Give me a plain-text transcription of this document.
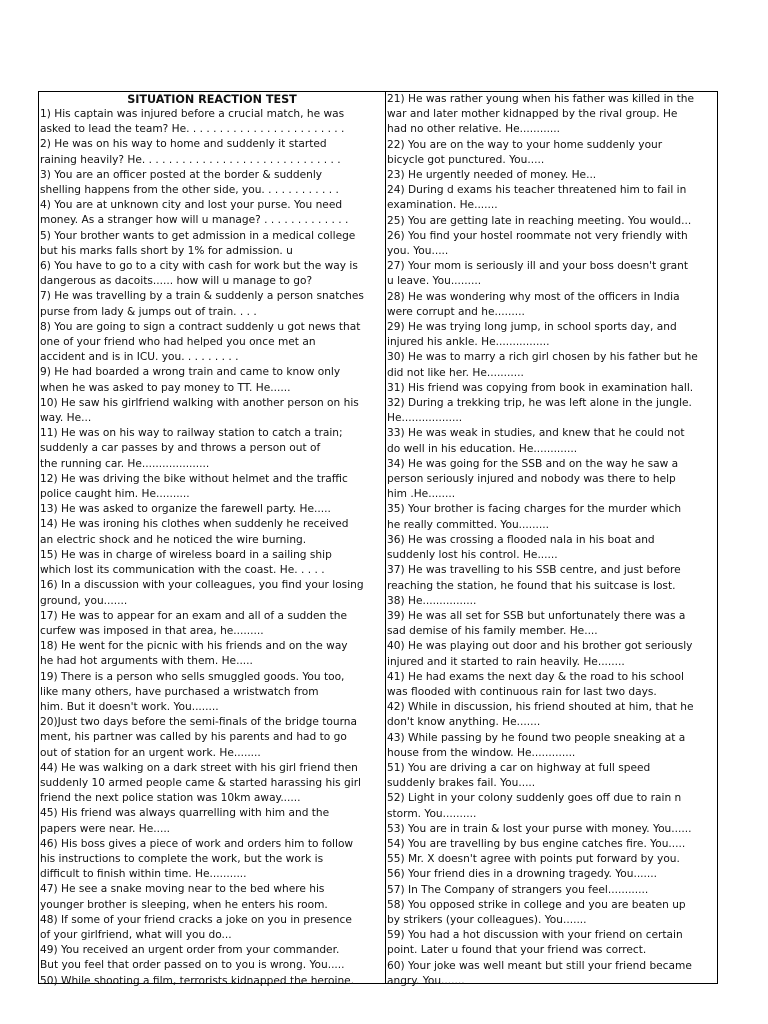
SITUATION REACTION TEST
1) His captain was injured before a crucial match, he was
asked to lead the team? He. . . . . . . . . . . . . . . . . . . . . . . .
2) He was on his way to home and suddenly it started
raining heavily? He. . . . . . . . . . . . . . . . . . . . . . . . . . . . . .
3) You are an officer posted at the border & suddenly
shelling happens from the other side, you. . . . . . . . . . . .
4) You are at unknown city and lost your purse. You need
money. As a stranger how will u manage? . . . . . . . . . . . . .
5) Your brother wants to get admission in a medical college
but his marks falls short by 1% for admission. u
6) You have to go to a city with cash for work but the way is
dangerous as dacoits...... how will u manage to go?
7) He was travelling by a train & suddenly a person snatches
purse from lady & jumps out of train. . . .
8) You are going to sign a contract suddenly u got news that
one of your friend who had helped you once met an
accident and is in ICU. you. . . . . . . . .
9) He had boarded a wrong train and came to know only
when he was asked to pay money to TT. He......
10) He saw his girlfriend walking with another person on his
way. He...
11) He was on his way to railway station to catch a train;
suddenly a car passes by and throws a person out of
the running car. He....................
12) He was driving the bike without helmet and the traffic
police caught him. He..........
13) He was asked to organize the farewell party. He.....
14) He was ironing his clothes when suddenly he received
an electric shock and he noticed the wire burning.
15) He was in charge of wireless board in a sailing ship
which lost its communication with the coast. He. . . . .
16) In a discussion with your colleagues, you find your losing
ground, you.......
17) He was to appear for an exam and all of a sudden the
curfew was imposed in that area, he.........
18) He went for the picnic with his friends and on the way
he had hot arguments with them. He.....
19) There is a person who sells smuggled goods. You too,
like many others, have purchased a wristwatch from
him. But it doesn't work. You........
20)Just two days before the semi-finals of the bridge tourna
ment, his partner was called by his parents and had to go
out of station for an urgent work. He........
44) He was walking on a dark street with his girl friend then
suddenly 10 armed people came & started harassing his girl
friend the next police station was 10km away......
45) His friend was always quarrelling with him and the
papers were near. He.....
46) His boss gives a piece of work and orders him to follow
his instructions to complete the work, but the work is
difficult to finish within time. He...........
47) He see a snake moving near to the bed where his
younger brother is sleeping, when he enters his room.
48) If some of your friend cracks a joke on you in presence
of your girlfriend, what will you do...
49) You received an urgent order from your commander.
But you feel that order passed on to you is wrong. You.....
50) While shooting a film, terrorists kidnapped the heroine.
21) He was rather young when his father was killed in the
war and later mother kidnapped by the rival group. He
had no other relative. He............
22) You are on the way to your home suddenly your
bicycle got punctured. You.....
23) He urgently needed of money. He...
24) During d exams his teacher threatened him to fail in
examination. He.......
25) You are getting late in reaching meeting. You would...
26) You find your hostel roommate not very friendly with
you. You.....
27) Your mom is seriously ill and your boss doesn't grant
u leave. You.........
28) He was wondering why most of the officers in India
were corrupt and he.........
29) He was trying long jump, in school sports day, and
injured his ankle. He................
30) He was to marry a rich girl chosen by his father but he
did not like her. He...........
31) His friend was copying from book in examination hall.
32) During a trekking trip, he was left alone in the jungle.
He..................
33) He was weak in studies, and knew that he could not
do well in his education. He.............
34) He was going for the SSB and on the way he saw a
person seriously injured and nobody was there to help
him .He........
35) Your brother is facing charges for the murder which
he really committed. You.........
36) He was crossing a flooded nala in his boat and
suddenly lost his control. He......
37) He was travelling to his SSB centre, and just before
reaching the station, he found that his suitcase is lost.
38) He................
39) He was all set for SSB but unfortunately there was a
sad demise of his family member. He....
40) He was playing out door and his brother got seriously
injured and it started to rain heavily. He........
41) He had exams the next day & the road to his school
was flooded with continuous rain for last two days.
42) While in discussion, his friend shouted at him, that he
don't know anything. He.......
43) While passing by he found two people sneaking at a
house from the window. He.............
51) You are driving a car on highway at full speed
suddenly brakes fail. You.....
52) Light in your colony suddenly goes off due to rain n
storm. You..........
53) You are in train & lost your purse with money. You......
54) You are travelling by bus engine catches fire. You.....
55) Mr. X doesn't agree with points put forward by you.
56) Your friend dies in a drowning tragedy. You.......
57) In The Company of strangers you feel............
58) You opposed strike in college and you are beaten up
by strikers (your colleagues). You.......
59) You had a hot discussion with your friend on certain
point. Later u found that your friend was correct.
60) Your joke was well meant but still your friend became
angry. You.......
